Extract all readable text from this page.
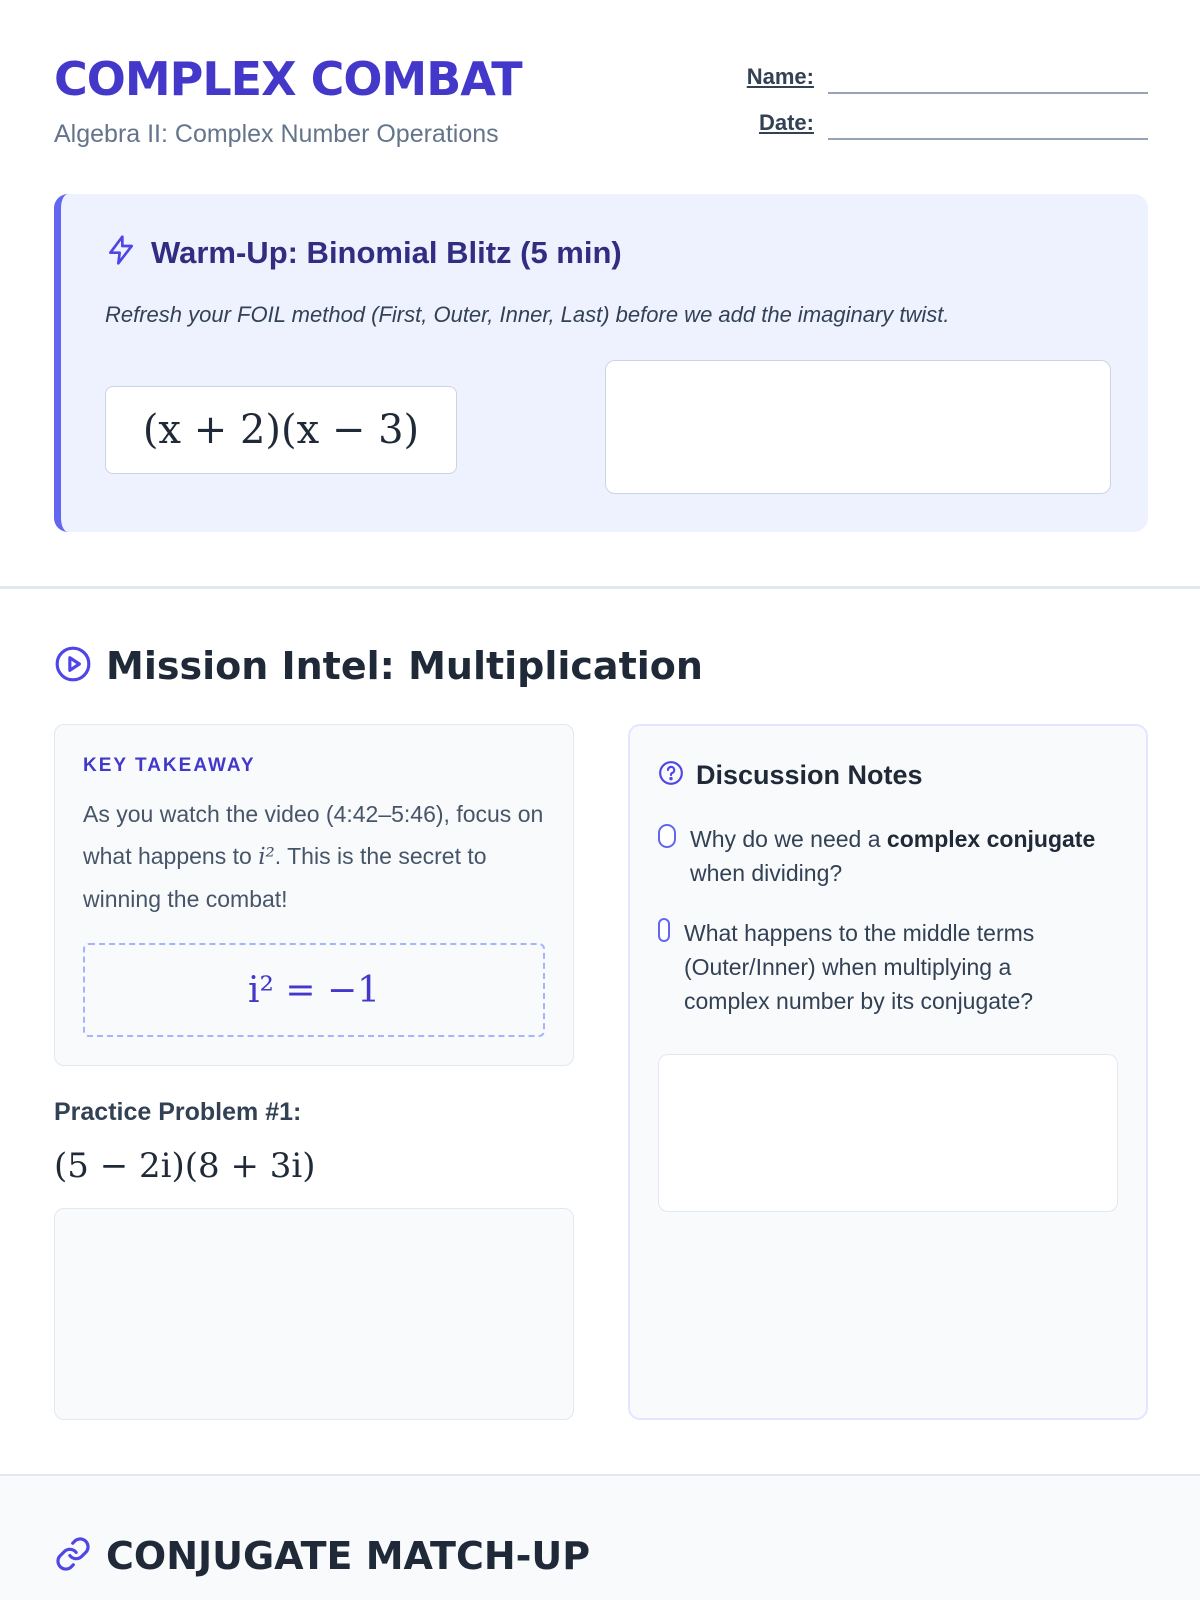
COMPLEX COMBAT
Algebra II: Complex Number Operations
Name:
Date:
Warm-Up: Binomial Blitz (5 min)
Refresh your FOIL method (First, Outer, Inner, Last) before we add the imaginary twist.
(x + 2)(x − 3)
Mission Intel: Multiplication
KEY TAKEAWAY
As you watch the video (4:42–5:46), focus on what happens to i². This is the secret to winning the combat!
i² = −1
Practice Problem #1:
(5 − 2i)(8 + 3i)
Discussion Notes
Why do we need a complex conjugate when dividing?
What happens to the middle terms (Outer/Inner) when multiplying a complex number by its conjugate?
CONJUGATE MATCH-UP
